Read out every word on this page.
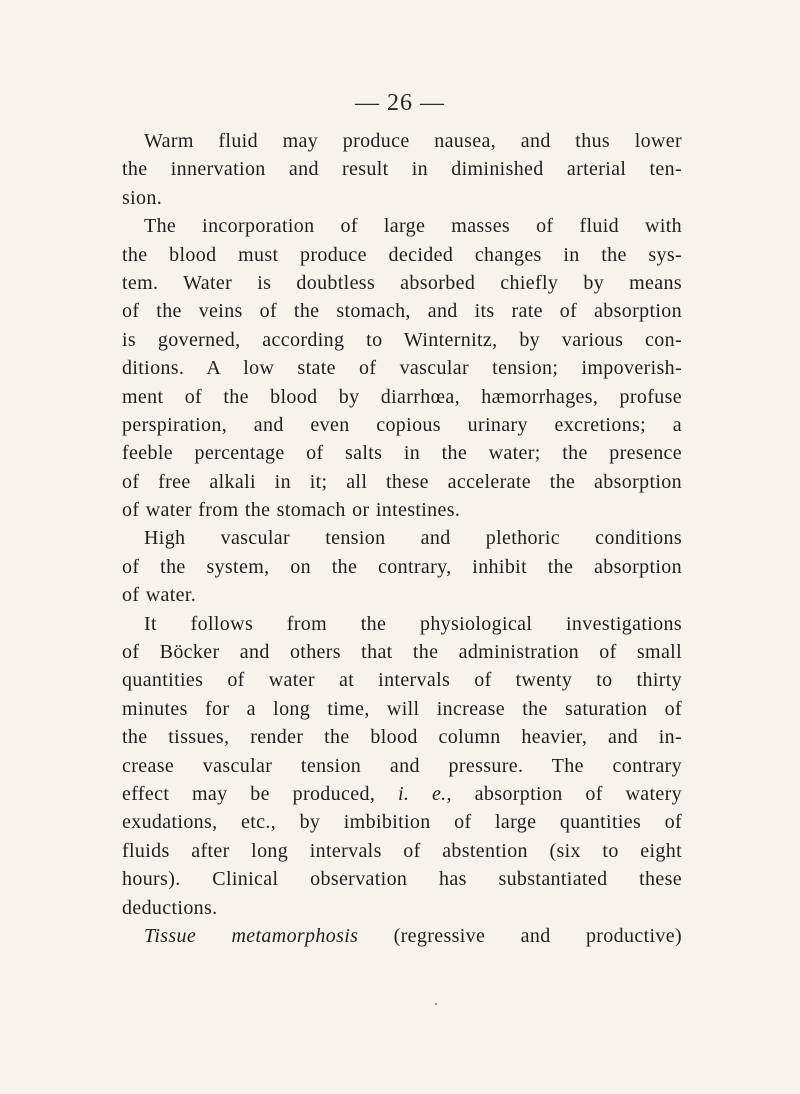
— 26 —
Warm fluid may produce nausea, and thus lower
the innervation and result in diminished arterial ten-
sion.
The incorporation of large masses of fluid with
the blood must produce decided changes in the sys-
tem. Water is doubtless absorbed chiefly by means
of the veins of the stomach, and its rate of absorption
is governed, according to Winternitz, by various con-
ditions. A low state of vascular tension; impoverish-
ment of the blood by diarrhœa, hæmorrhages, profuse
perspiration, and even copious urinary excretions; a
feeble percentage of salts in the water; the presence
of free alkali in it; all these accelerate the absorption
of water from the stomach or intestines.
High vascular tension and plethoric conditions
of the system, on the contrary, inhibit the absorption
of water.
It follows from the physiological investigations
of Böcker and others that the administration of small
quantities of water at intervals of twenty to thirty
minutes for a long time, will increase the saturation of
the tissues, render the blood column heavier, and in-
crease vascular tension and pressure. The contrary
effect may be produced, i. e., absorption of watery
exudations, etc., by imbibition of large quantities of
fluids after long intervals of abstention (six to eight
hours). Clinical observation has substantiated these
deductions.
Tissue metamorphosis (regressive and productive)
